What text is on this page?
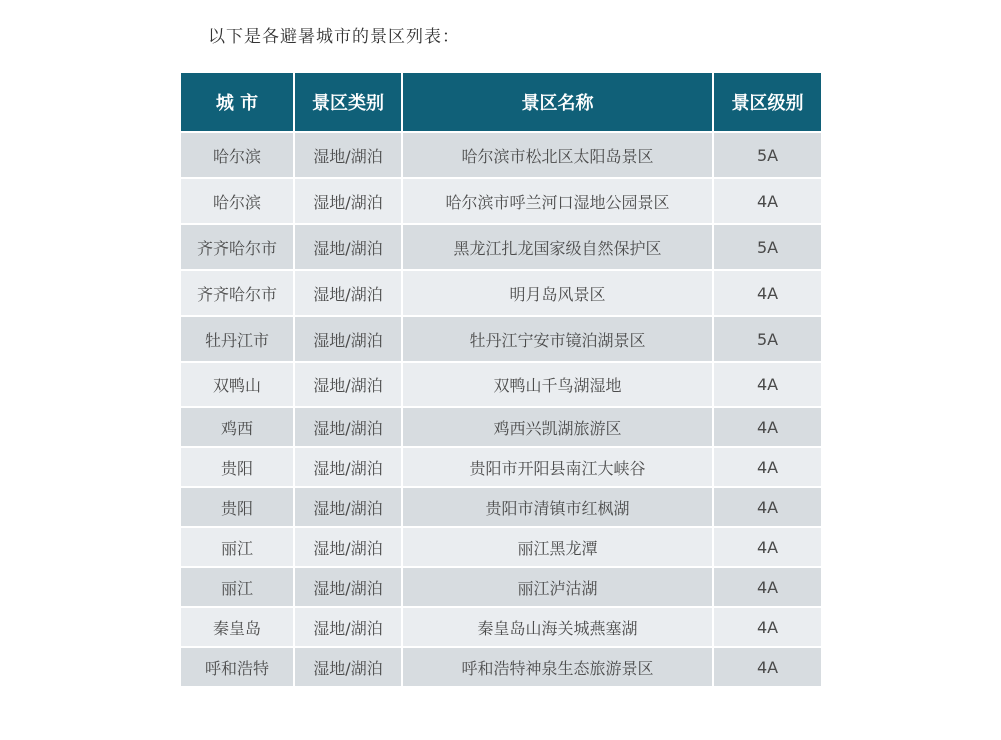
以下是各避暑城市的景区列表：
城 市	景区类别	景区名称	景区级别
哈尔滨	湿地/湖泊	哈尔滨市松北区太阳岛景区	5A
哈尔滨	湿地/湖泊	哈尔滨市呼兰河口湿地公园景区	4A
齐齐哈尔市	湿地/湖泊	黑龙江扎龙国家级自然保护区	5A
齐齐哈尔市	湿地/湖泊	明月岛风景区	4A
牡丹江市	湿地/湖泊	牡丹江宁安市镜泊湖景区	5A
双鸭山	湿地/湖泊	双鸭山千鸟湖湿地	4A
鸡西	湿地/湖泊	鸡西兴凯湖旅游区	4A
贵阳	湿地/湖泊	贵阳市开阳县南江大峡谷	4A
贵阳	湿地/湖泊	贵阳市清镇市红枫湖	4A
丽江	湿地/湖泊	丽江黑龙潭	4A
丽江	湿地/湖泊	丽江泸沽湖	4A
秦皇岛	湿地/湖泊	秦皇岛山海关城燕塞湖	4A
呼和浩特	湿地/湖泊	呼和浩特神泉生态旅游景区	4A
